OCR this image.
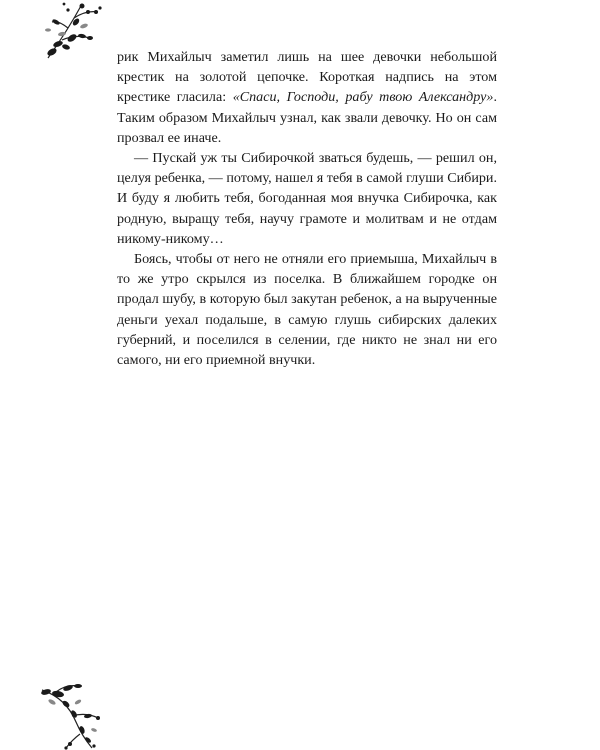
рик Михайлыч заметил лишь на шее девочки небольшой крестик на золотой цепочке. Короткая надпись на этом крестике гласила: «Спаси, Господи, рабу твою Александру». Таким образом Михайлыч узнал, как звали девочку. Но он сам прозвал ее иначе.

— Пускай уж ты Сибирочкой зваться будешь, — решил он, целуя ребенка, — потому, нашел я тебя в самой глуши Сибири. И буду я любить тебя, богоданная моя внучка Сибирочка, как родную, выращу тебя, научу грамоте и молитвам и не отдам никому-никому…

Боясь, чтобы от него не отняли его приемыша, Михайлыч в то же утро скрылся из поселка. В ближайшем городке он продал шубу, в которую был закутан ребенок, а на вырученные деньги уехал подальше, в самую глушь сибирских далеких губерний, и поселился в селении, где никто не знал ни его самого, ни его приемной внучки.
